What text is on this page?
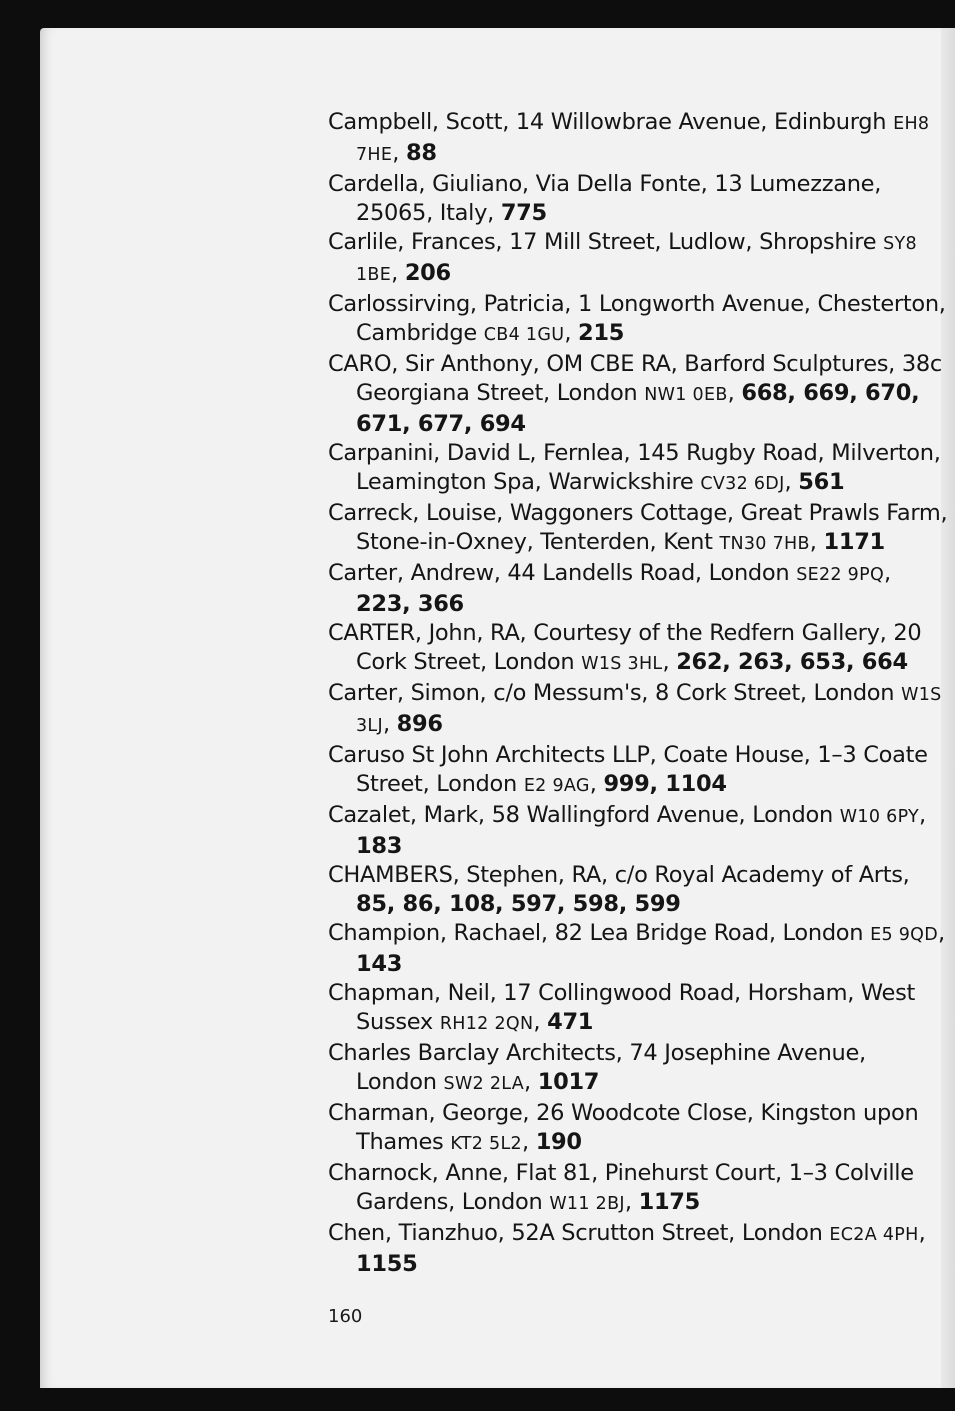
Campbell, Scott, 14 Willowbrae Avenue, Edinburgh EH8 7HE, 88
Cardella, Giuliano, Via Della Fonte, 13 Lumezzane, 25065, Italy, 775
Carlile, Frances, 17 Mill Street, Ludlow, Shropshire SY8 1BE, 206
Carlossirving, Patricia, 1 Longworth Avenue, Chesterton, Cambridge CB4 1GU, 215
CARO, Sir Anthony, OM CBE RA, Barford Sculptures, 38c Georgiana Street, London NW1 0EB, 668, 669, 670, 671, 677, 694
Carpanini, David L, Fernlea, 145 Rugby Road, Milverton, Leamington Spa, Warwickshire CV32 6DJ, 561
Carreck, Louise, Waggoners Cottage, Great Prawls Farm, Stone-in-Oxney, Tenterden, Kent TN30 7HB, 1171
Carter, Andrew, 44 Landells Road, London SE22 9PQ, 223, 366
CARTER, John, RA, Courtesy of the Redfern Gallery, 20 Cork Street, London W1S 3HL, 262, 263, 653, 664
Carter, Simon, c/o Messum's, 8 Cork Street, London W1S 3LJ, 896
Caruso St John Architects LLP, Coate House, 1–3 Coate Street, London E2 9AG, 999, 1104
Cazalet, Mark, 58 Wallingford Avenue, London W10 6PY, 183
CHAMBERS, Stephen, RA, c/o Royal Academy of Arts, 85, 86, 108, 597, 598, 599
Champion, Rachael, 82 Lea Bridge Road, London E5 9QD, 143
Chapman, Neil, 17 Collingwood Road, Horsham, West Sussex RH12 2QN, 471
Charles Barclay Architects, 74 Josephine Avenue, London SW2 2LA, 1017
Charman, George, 26 Woodcote Close, Kingston upon Thames KT2 5L2, 190
Charnock, Anne, Flat 81, Pinehurst Court, 1–3 Colville Gardens, London W11 2BJ, 1175
Chen, Tianzhuo, 52A Scrutton Street, London EC2A 4PH, 1155
160
